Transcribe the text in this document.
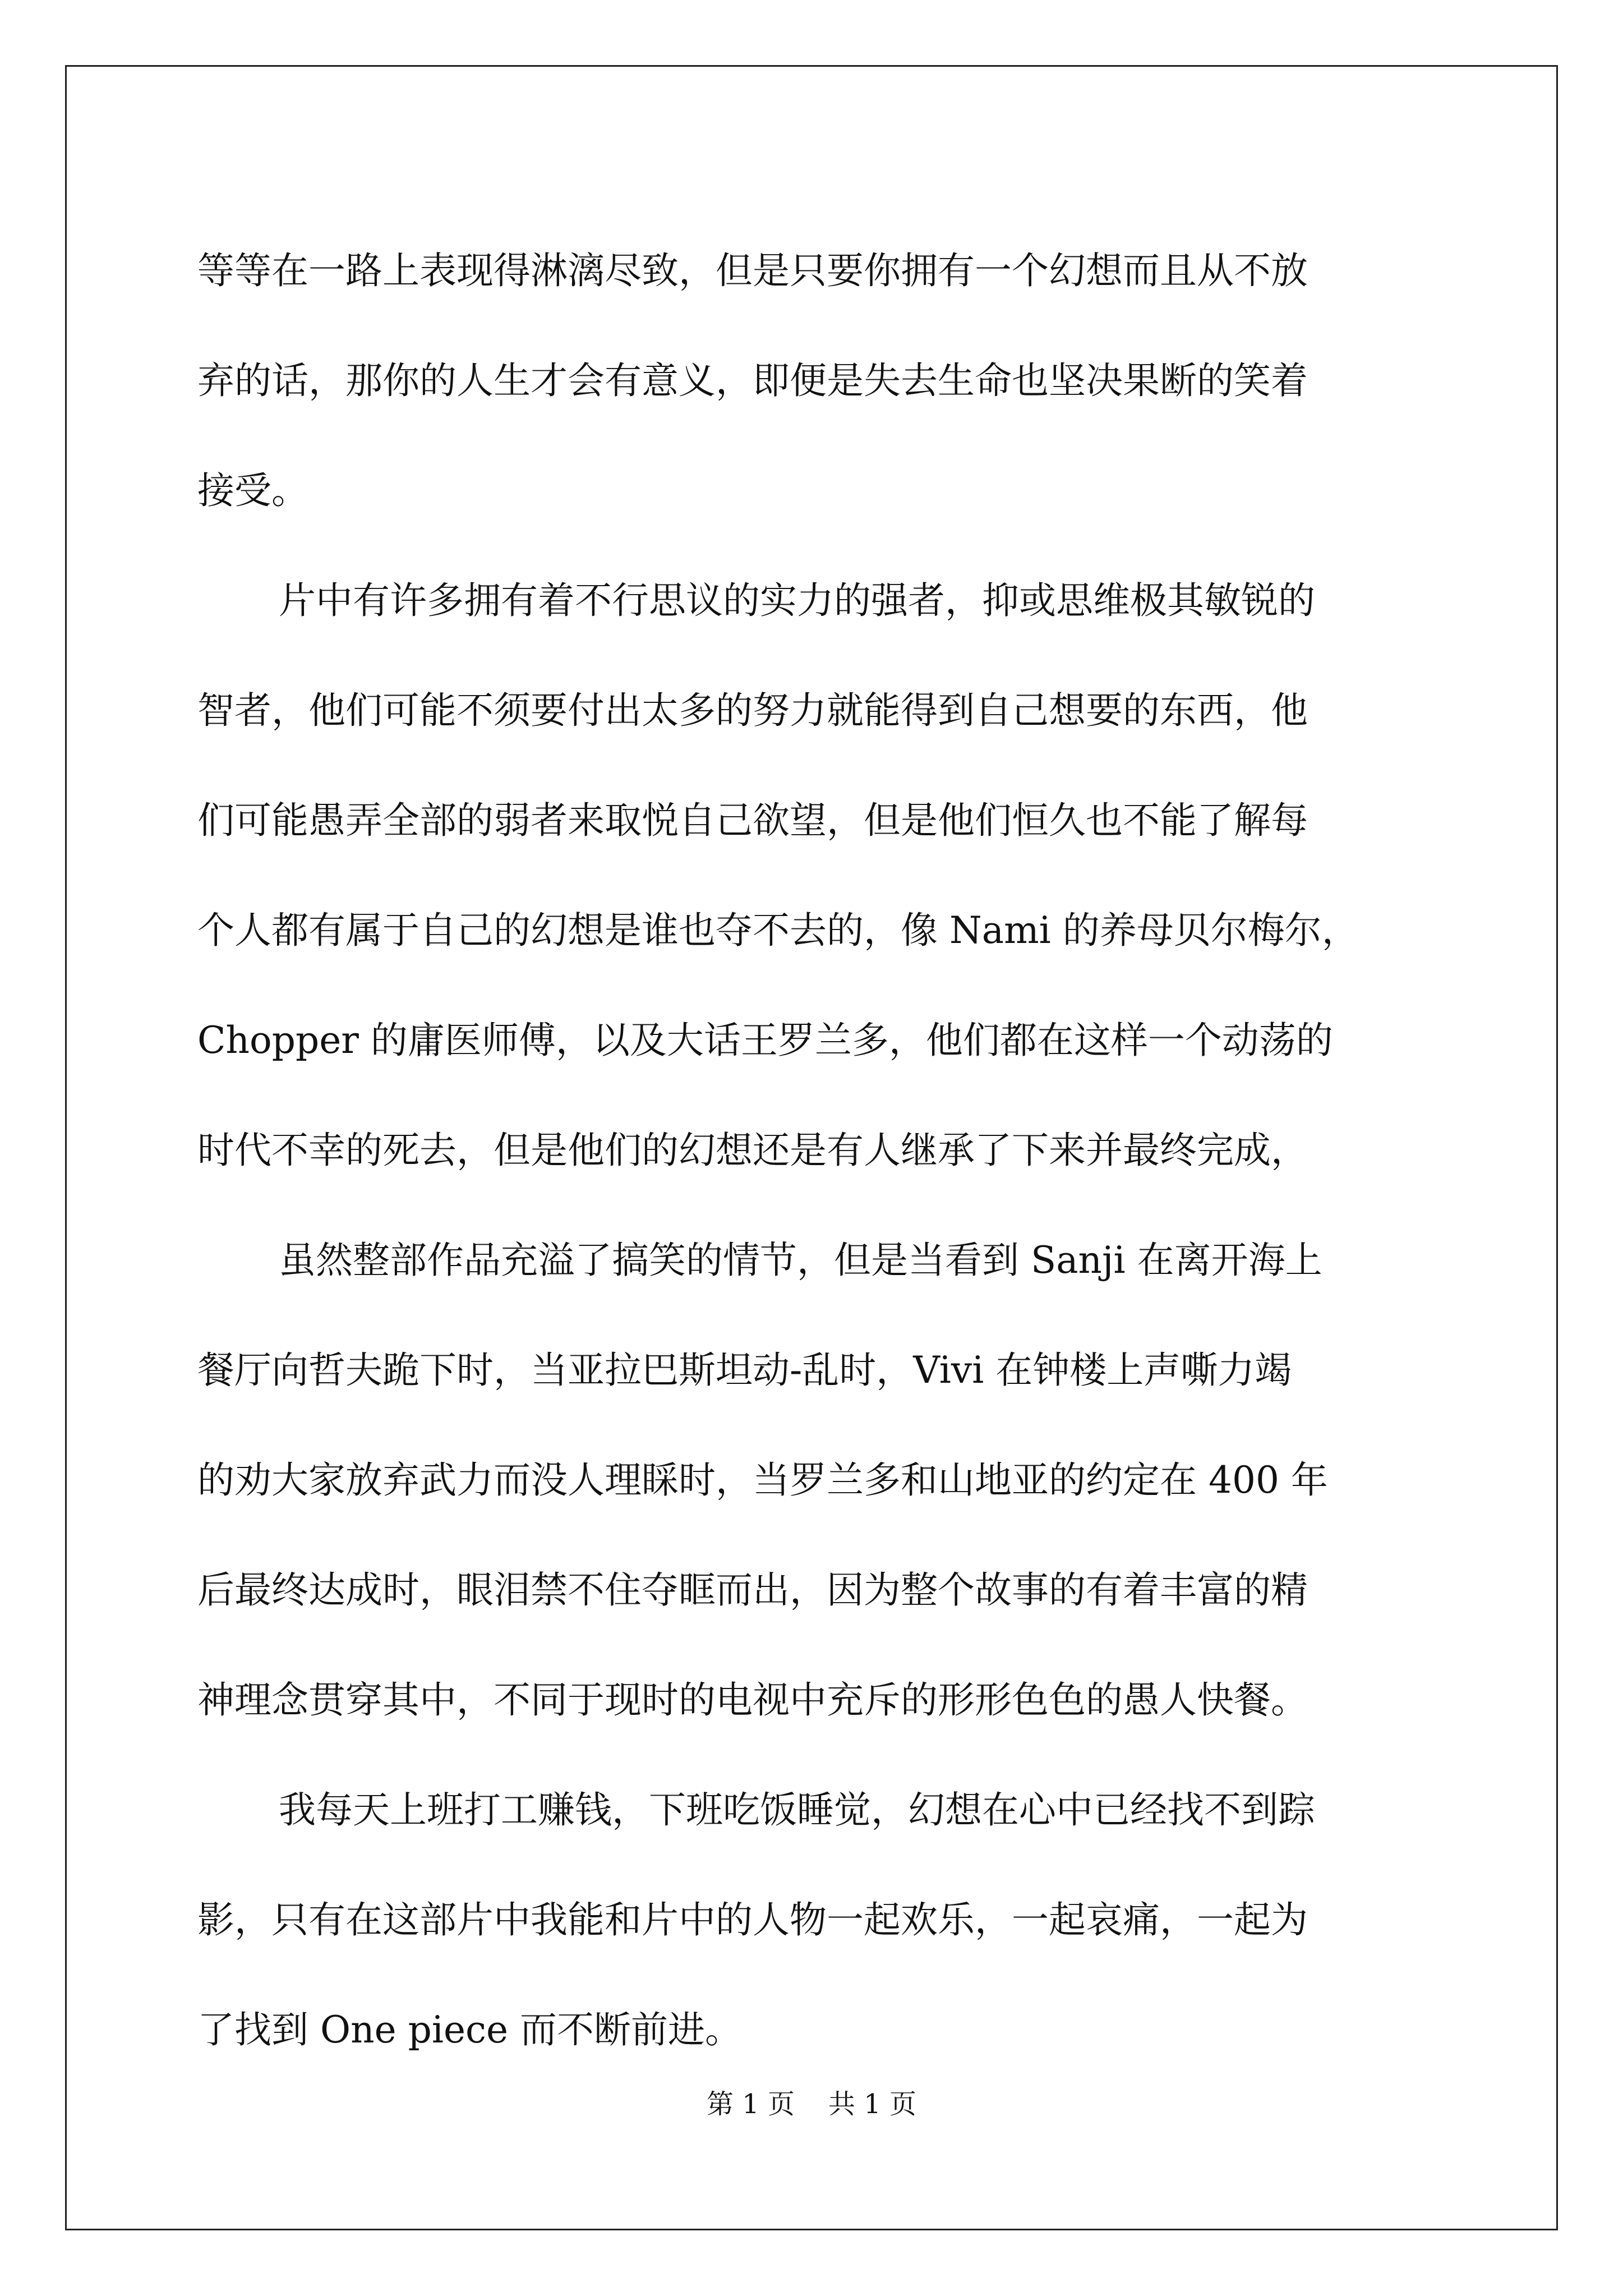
等等在一路上表现得淋漓尽致，但是只要你拥有一个幻想而且从不放
弃的话，那你的人生才会有意义，即便是失去生命也坚决果断的笑着
接受。
片中有许多拥有着不行思议的实力的强者，抑或思维极其敏锐的
智者，他们可能不须要付出太多的努力就能得到自己想要的东西，他
们可能愚弄全部的弱者来取悦自己欲望，但是他们恒久也不能了解每
个人都有属于自己的幻想是谁也夺不去的，像 Nami 的养母贝尔梅尔，
Chopper 的庸医师傅，以及大话王罗兰多，他们都在这样一个动荡的
时代不幸的死去，但是他们的幻想还是有人继承了下来并最终完成，
虽然整部作品充溢了搞笑的情节，但是当看到 Sanji 在离开海上
餐厅向哲夫跪下时，当亚拉巴斯坦动-乱时，Vivi 在钟楼上声嘶力竭
的劝大家放弃武力而没人理睬时，当罗兰多和山地亚的约定在 400 年
后最终达成时，眼泪禁不住夺眶而出，因为整个故事的有着丰富的精
神理念贯穿其中，不同于现时的电视中充斥的形形色色的愚人快餐。
我每天上班打工赚钱，下班吃饭睡觉，幻想在心中已经找不到踪
影，只有在这部片中我能和片中的人物一起欢乐，一起哀痛，一起为
了找到 One piece 而不断前进。
第 1 页 共 1 页
